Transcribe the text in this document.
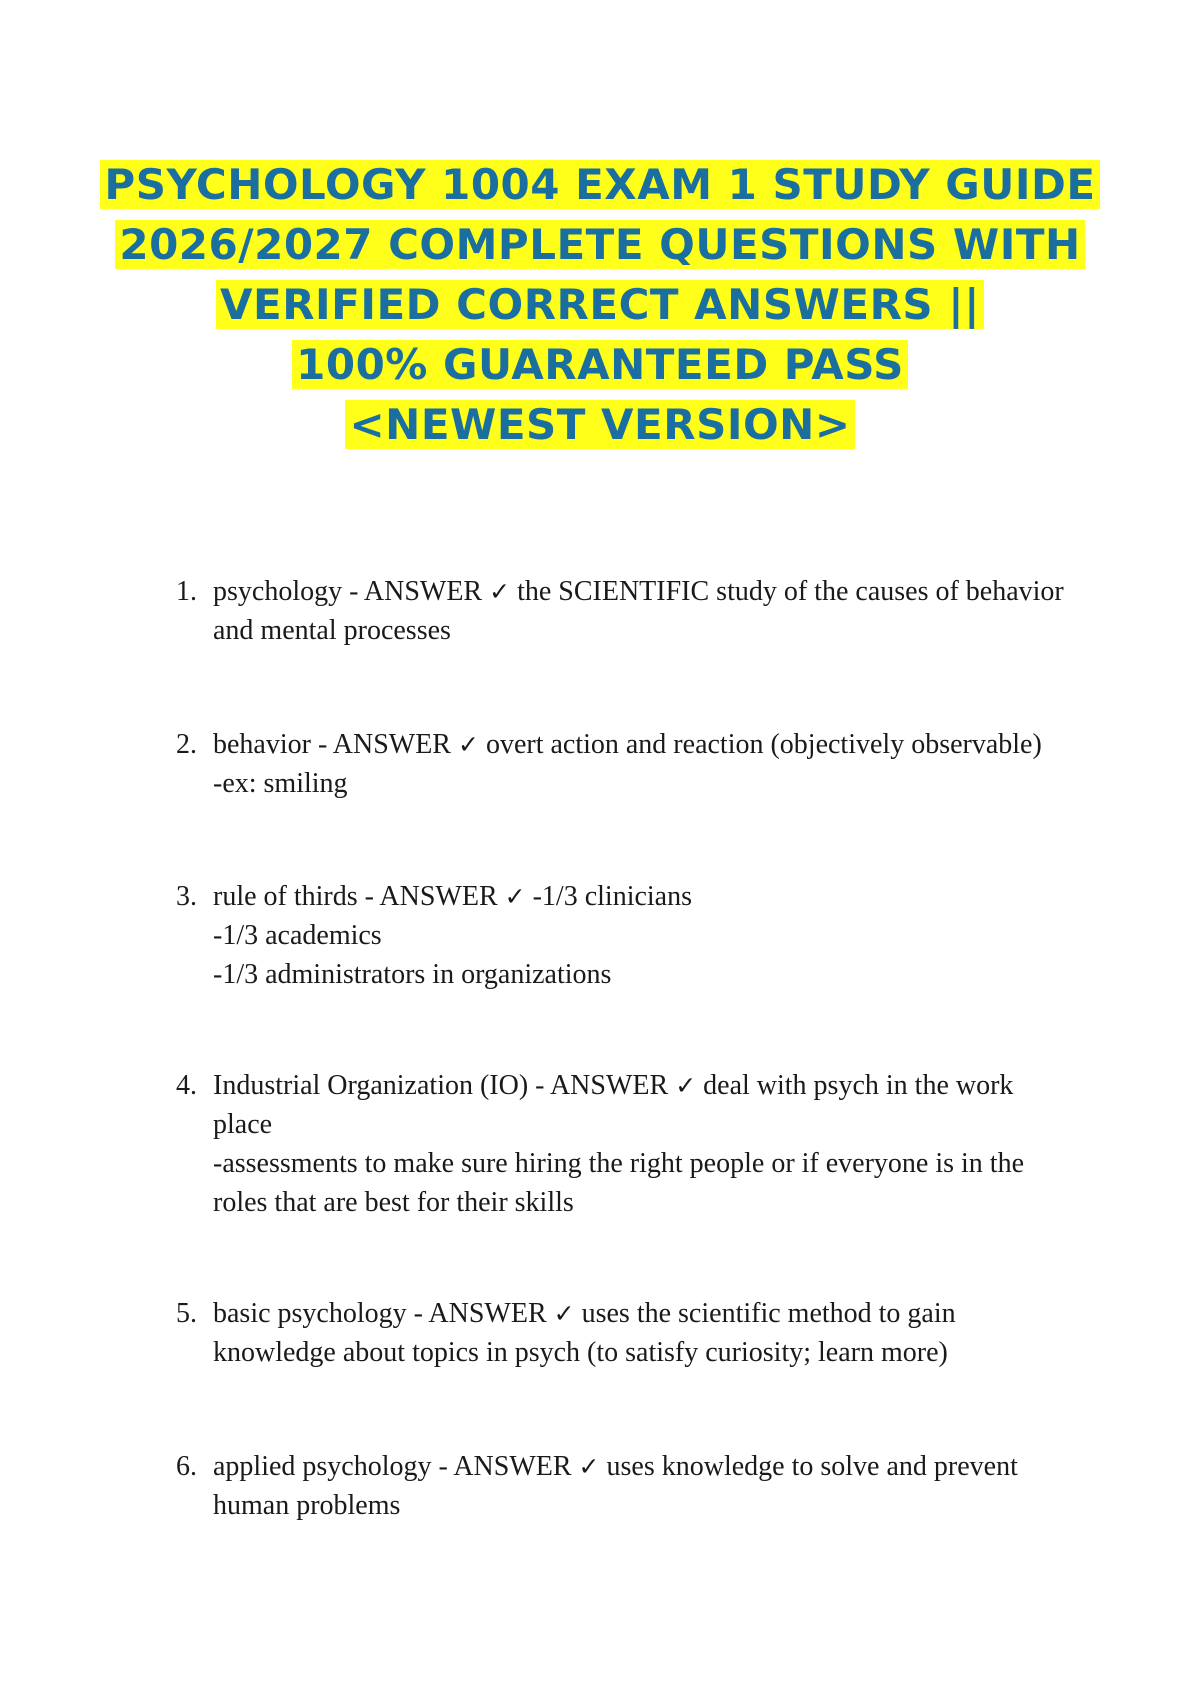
PSYCHOLOGY 1004 EXAM 1 STUDY GUIDE
2026/2027 COMPLETE QUESTIONS WITH
VERIFIED CORRECT ANSWERS ||
100% GUARANTEED PASS
<NEWEST VERSION>
1. psychology - ANSWER ✓ the SCIENTIFIC study of the causes of behavior
and mental processes
2. behavior - ANSWER ✓ overt action and reaction (objectively observable)
-ex: smiling
3. rule of thirds - ANSWER ✓ -1/3 clinicians
-1/3 academics
-1/3 administrators in organizations
4. Industrial Organization (IO) - ANSWER ✓ deal with psych in the work
place
-assessments to make sure hiring the right people or if everyone is in the
roles that are best for their skills
5. basic psychology - ANSWER ✓ uses the scientific method to gain
knowledge about topics in psych (to satisfy curiosity; learn more)
6. applied psychology - ANSWER ✓ uses knowledge to solve and prevent
human problems
